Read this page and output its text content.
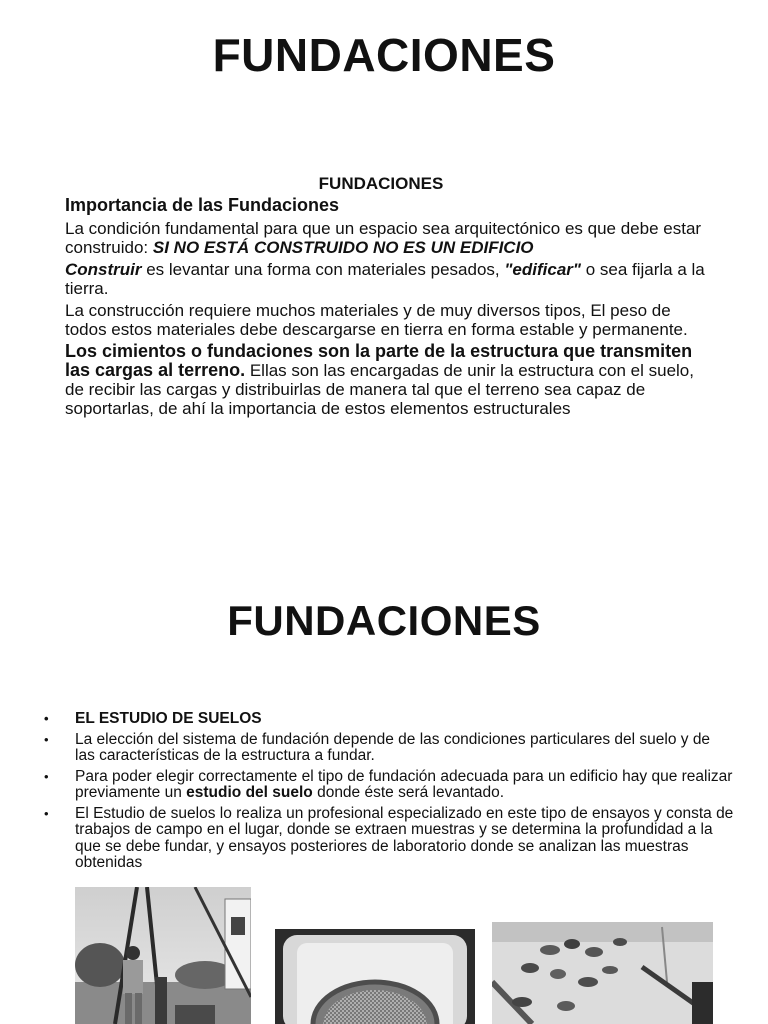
FUNDACIONES
FUNDACIONES

Importancia de las Fundaciones

La condición fundamental para que un espacio sea arquitectónico es que debe estar construido: SI NO ESTÁ CONSTRUIDO NO ES UN EDIFICIO

Construir es levantar una forma con materiales pesados, "edificar" o sea fijarla a la tierra.

La construcción requiere muchos materiales y de muy diversos tipos, El peso de todos estos materiales debe descargarse en tierra en forma estable y permanente.

Los cimientos o fundaciones son la parte de la estructura que transmiten las cargas al terreno. Ellas son las encargadas de unir la estructura con el suelo, de recibir las cargas y distribuirlas de manera tal que el terreno sea capaz de soportarlas, de ahí la importancia de estos elementos estructurales

FUNDACIONES
• EL ESTUDIO DE SUELOS
• La elección del sistema de fundación depende de las condiciones particulares del suelo y de las características de la estructura a fundar.
• Para poder elegir correctamente el tipo de fundación adecuada para un edificio hay que realizar previamente un estudio del suelo donde éste será levantado.
• El Estudio de suelos lo realiza un profesional especializado en este tipo de ensayos y consta de trabajos de campo en el lugar, donde se extraen muestras y se determina la profundidad a la que se debe fundar, y ensayos posteriores de laboratorio donde se analizan las muestras obtenidas
